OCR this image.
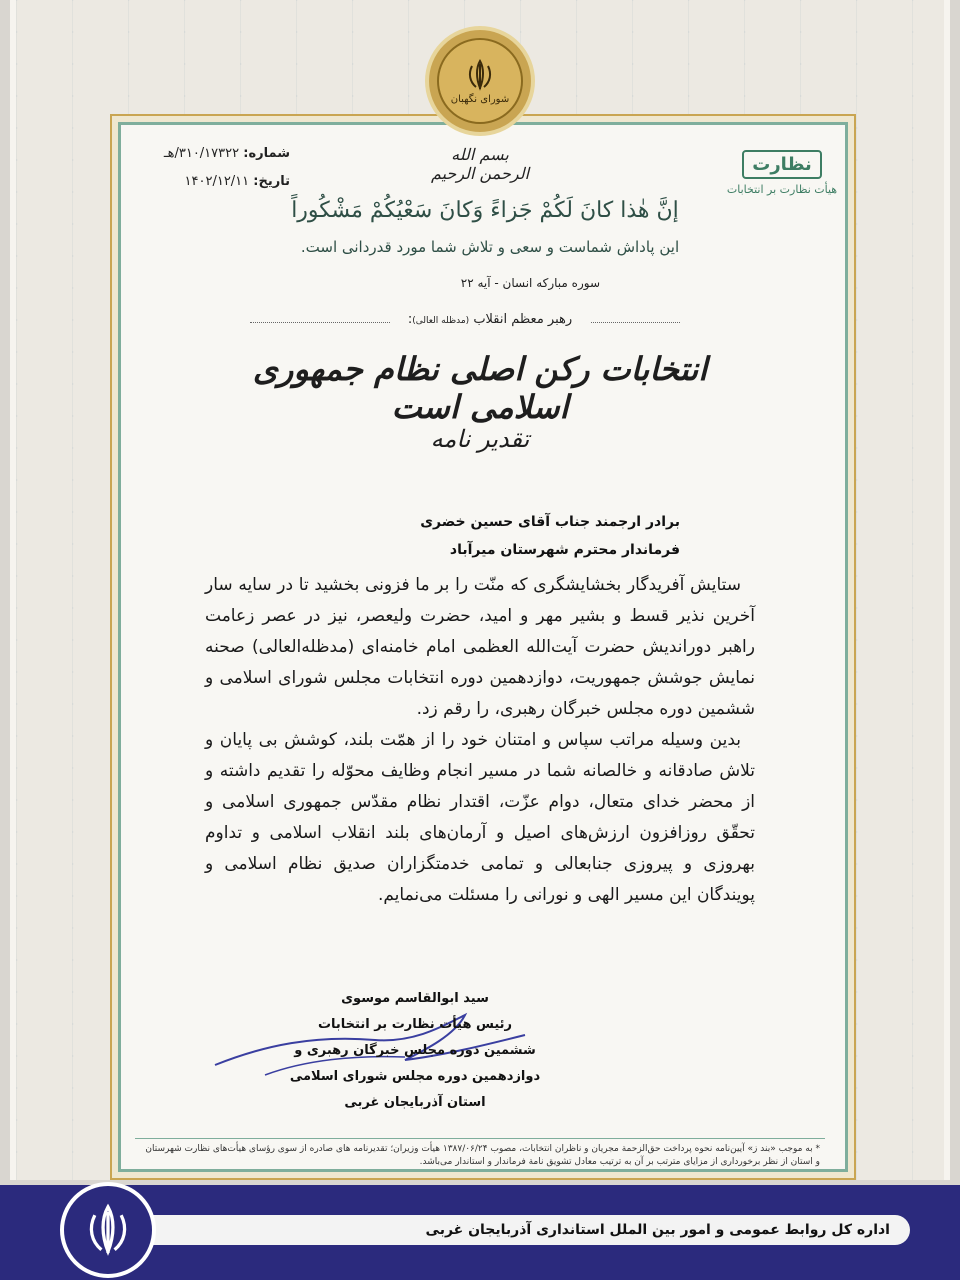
شورای نگهبان
بسم الله الرحمن الرحیم
شماره: ۳۱۰/۱۷۳۲۲/هـ
تاریخ: ۱۴۰۲/۱۲/۱۱
نظارت
هیأت نظارت بر انتخابات
إنَّ هٰذا کانَ لَکُمْ جَزاءً وَکانَ سَعْیُکُمْ مَشْکُوراً
این پاداش شماست و سعی و تلاش شما مورد قدردانی است.
سوره مبارکه انسان - آیه ۲۲
رهبر معظم انقلاب (مدظله العالی):
انتخابات رکن اصلی نظام جمهوری اسلامی است
تقدیر نامه
برادر ارجمند جناب آقای حسین خضری
فرماندار محترم شهرستان میرآباد

ستایش آفریدگار بخشایشگری که منّت را بر ما فزونی بخشید تا در سایه سار آخرین نذیر قسط و بشیر مهر و امید، حضرت ولیعصر، نیز در عصر زعامت راهبر دوراندیش حضرت آیت‌الله العظمی امام خامنه‌ای (مدظله‌العالی) صحنه نمایش جوشش جمهوریت، دوازدهمین دوره انتخابات مجلس شورای اسلامی و ششمین دوره مجلس خبرگان رهبری، را رقم زد.

بدین وسیله مراتب سپاس و امتنان خود را از همّت بلند، کوشش بی پایان و تلاش صادقانه و خالصانه شما در مسیر انجام وظایف محوّله را تقدیم داشته و از محضر خدای متعال، دوام عزّت، اقتدار نظام مقدّس جمهوری اسلامی و تحقّق روزافزون ارزش‌های اصیل و آرمان‌های بلند انقلاب اسلامی و تداوم بهروزی و پیروزی جنابعالی و تمامی خدمتگزاران صدیق نظام اسلامی و پویندگان این مسیر الهی و نورانی را مسئلت می‌نمایم.

سید ابوالقاسم موسوی
رئیس هیأت نظارت بر انتخابات
ششمین دوره مجلس خبرگان رهبری و
دوازدهمین دوره مجلس شورای اسلامی
استان آذربایجان غربی
* به موجب «بند ز» آیین‌نامه نحوه پرداخت حق‌الزحمة مجریان و ناظران انتخابات، مصوب ۱۳۸۷/۰۶/۲۴ هیأت وزیران؛ تقدیرنامه های صادره از سوی رؤسای هیأت‌های نظارت شهرستان و استان از نظر برخورداری از مزایای مترتب بر آن به ترتیب معادل تشویق نامة فرماندار و استاندار می‌باشد.
اداره کل روابط عمومی و امور بین الملل استانداری آذربایجان غربی
